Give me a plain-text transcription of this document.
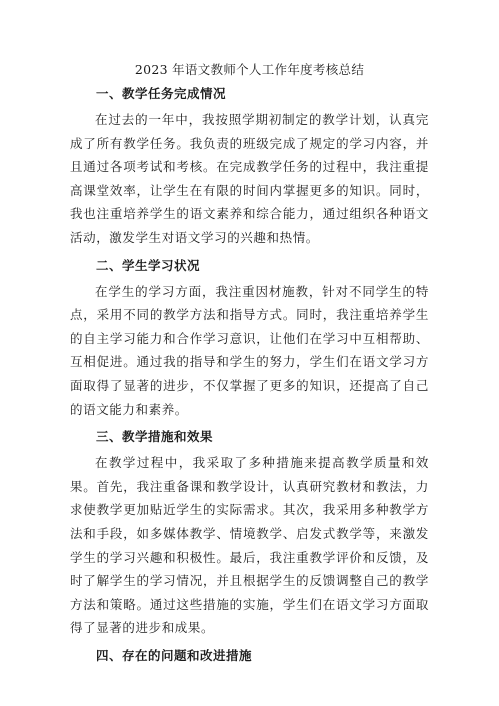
2023 年语文教师个人工作年度考核总结
一、教学任务完成情况

在过去的一年中，我按照学期初制定的教学计划，认真完成了所有教学任务。我负责的班级完成了规定的学习内容，并且通过各项考试和考核。在完成教学任务的过程中，我注重提高课堂效率，让学生在有限的时间内掌握更多的知识。同时，我也注重培养学生的语文素养和综合能力，通过组织各种语文活动，激发学生对语文学习的兴趣和热情。

二、学生学习状况

在学生的学习方面，我注重因材施教，针对不同学生的特点，采用不同的教学方法和指导方式。同时，我注重培养学生的自主学习能力和合作学习意识，让他们在学习中互相帮助、互相促进。通过我的指导和学生的努力，学生们在语文学习方面取得了显著的进步，不仅掌握了更多的知识，还提高了自己的语文能力和素养。

三、教学措施和效果

在教学过程中，我采取了多种措施来提高教学质量和效果。首先，我注重备课和教学设计，认真研究教材和教法，力求使教学更加贴近学生的实际需求。其次，我采用多种教学方法和手段，如多媒体教学、情境教学、启发式教学等，来激发学生的学习兴趣和积极性。最后，我注重教学评价和反馈，及时了解学生的学习情况，并且根据学生的反馈调整自己的教学方法和策略。通过这些措施的实施，学生们在语文学习方面取得了显著的进步和成果。

四、存在的问题和改进措施
